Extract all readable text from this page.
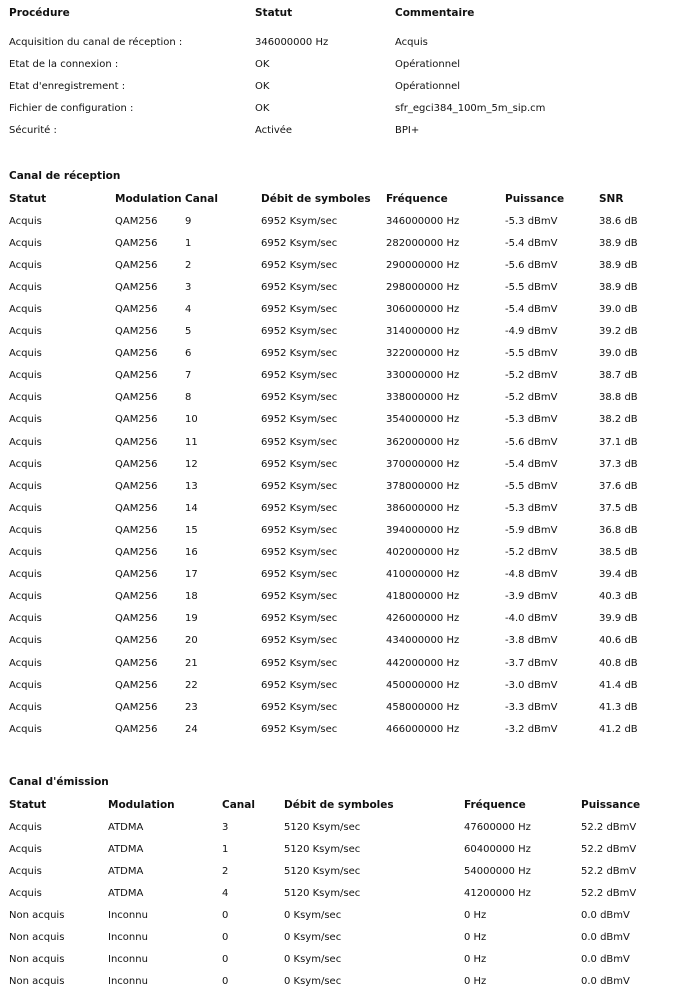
Procédure	Statut	Commentaire
Acquisition du canal de réception :	346000000 Hz	Acquis
Etat de la connexion :	OK	Opérationnel
Etat d'enregistrement :	OK	Opérationnel
Fichier de configuration :	OK	sfr_egci384_100m_5m_sip.cm
Sécurité :	Activée	BPI+
Canal de réception
Statut	Modulation	Canal	Débit de symboles	Fréquence	Puissance	SNR
Acquis	QAM256	9	6952 Ksym/sec	346000000 Hz	-5.3 dBmV	38.6 dB
Acquis	QAM256	1	6952 Ksym/sec	282000000 Hz	-5.4 dBmV	38.9 dB
Acquis	QAM256	2	6952 Ksym/sec	290000000 Hz	-5.6 dBmV	38.9 dB
Acquis	QAM256	3	6952 Ksym/sec	298000000 Hz	-5.5 dBmV	38.9 dB
Acquis	QAM256	4	6952 Ksym/sec	306000000 Hz	-5.4 dBmV	39.0 dB
Acquis	QAM256	5	6952 Ksym/sec	314000000 Hz	-4.9 dBmV	39.2 dB
Acquis	QAM256	6	6952 Ksym/sec	322000000 Hz	-5.5 dBmV	39.0 dB
Acquis	QAM256	7	6952 Ksym/sec	330000000 Hz	-5.2 dBmV	38.7 dB
Acquis	QAM256	8	6952 Ksym/sec	338000000 Hz	-5.2 dBmV	38.8 dB
Acquis	QAM256	10	6952 Ksym/sec	354000000 Hz	-5.3 dBmV	38.2 dB
Acquis	QAM256	11	6952 Ksym/sec	362000000 Hz	-5.6 dBmV	37.1 dB
Acquis	QAM256	12	6952 Ksym/sec	370000000 Hz	-5.4 dBmV	37.3 dB
Acquis	QAM256	13	6952 Ksym/sec	378000000 Hz	-5.5 dBmV	37.6 dB
Acquis	QAM256	14	6952 Ksym/sec	386000000 Hz	-5.3 dBmV	37.5 dB
Acquis	QAM256	15	6952 Ksym/sec	394000000 Hz	-5.9 dBmV	36.8 dB
Acquis	QAM256	16	6952 Ksym/sec	402000000 Hz	-5.2 dBmV	38.5 dB
Acquis	QAM256	17	6952 Ksym/sec	410000000 Hz	-4.8 dBmV	39.4 dB
Acquis	QAM256	18	6952 Ksym/sec	418000000 Hz	-3.9 dBmV	40.3 dB
Acquis	QAM256	19	6952 Ksym/sec	426000000 Hz	-4.0 dBmV	39.9 dB
Acquis	QAM256	20	6952 Ksym/sec	434000000 Hz	-3.8 dBmV	40.6 dB
Acquis	QAM256	21	6952 Ksym/sec	442000000 Hz	-3.7 dBmV	40.8 dB
Acquis	QAM256	22	6952 Ksym/sec	450000000 Hz	-3.0 dBmV	41.4 dB
Acquis	QAM256	23	6952 Ksym/sec	458000000 Hz	-3.3 dBmV	41.3 dB
Acquis	QAM256	24	6952 Ksym/sec	466000000 Hz	-3.2 dBmV	41.2 dB
Canal d'émission
Statut	Modulation	Canal	Débit de symboles	Fréquence	Puissance
Acquis	ATDMA	3	5120 Ksym/sec	47600000 Hz	52.2 dBmV
Acquis	ATDMA	1	5120 Ksym/sec	60400000 Hz	52.2 dBmV
Acquis	ATDMA	2	5120 Ksym/sec	54000000 Hz	52.2 dBmV
Acquis	ATDMA	4	5120 Ksym/sec	41200000 Hz	52.2 dBmV
Non acquis	Inconnu	0	0 Ksym/sec	0 Hz	0.0 dBmV
Non acquis	Inconnu	0	0 Ksym/sec	0 Hz	0.0 dBmV
Non acquis	Inconnu	0	0 Ksym/sec	0 Hz	0.0 dBmV
Non acquis	Inconnu	0	0 Ksym/sec	0 Hz	0.0 dBmV
